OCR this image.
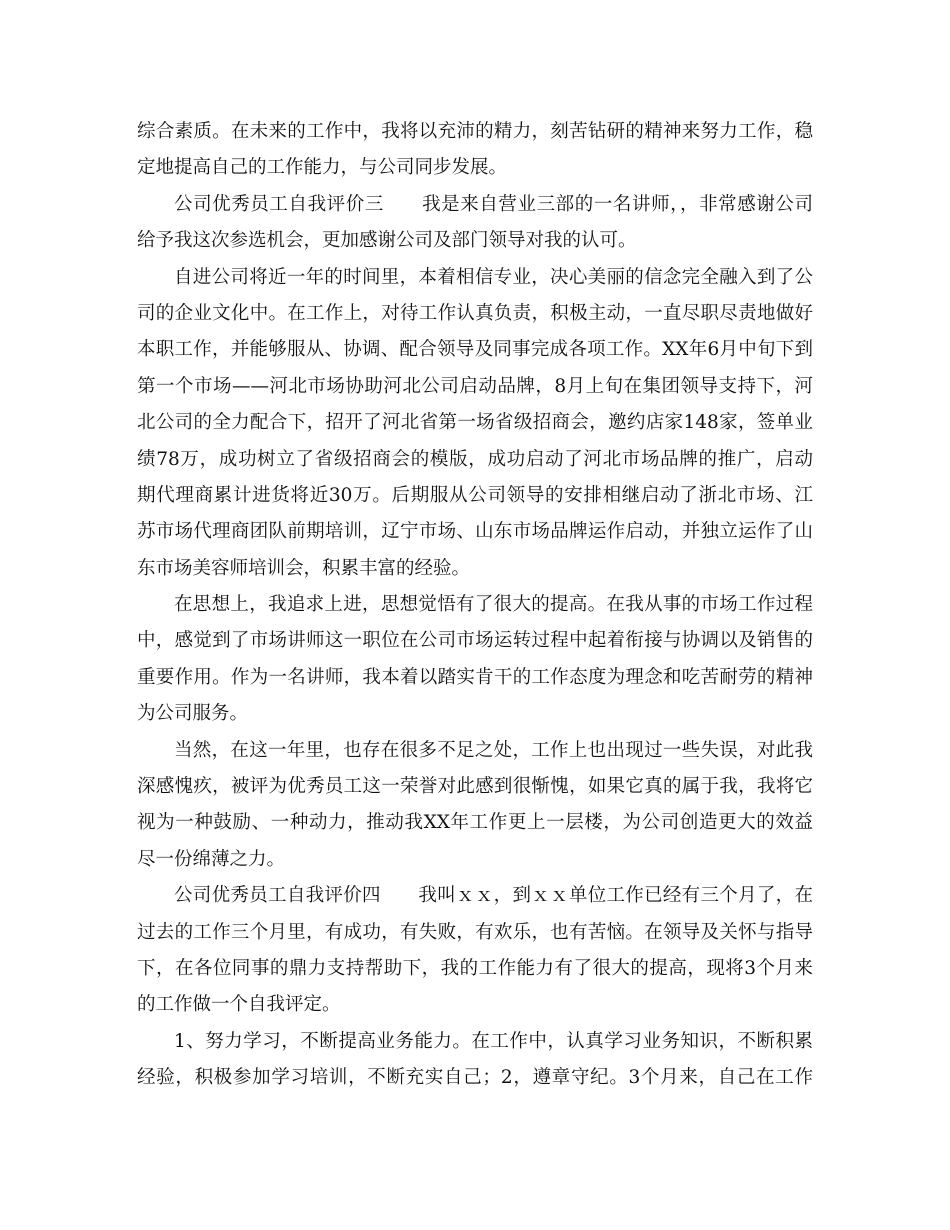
综合素质。在未来的工作中，我将以充沛的精力，刻苦钻研的精神来努力工作，稳
定地提高自己的工作能力，与公司同步发展。
公司优秀员工自我评价三　　我是来自营业三部的一名讲师，，非常感谢公司
给予我这次参选机会，更加感谢公司及部门领导对我的认可。
自进公司将近一年的时间里，本着相信专业，决心美丽的信念完全融入到了公
司的企业文化中。在工作上，对待工作认真负责，积极主动，一直尽职尽责地做好
本职工作，并能够服从、协调、配合领导及同事完成各项工作。XX年6月中旬下到
第一个市场——河北市场协助河北公司启动品牌，8月上旬在集团领导支持下，河
北公司的全力配合下，招开了河北省第一场省级招商会，邀约店家148家，签单业
绩78万，成功树立了省级招商会的模版，成功启动了河北市场品牌的推广，启动
期代理商累计进货将近30万。后期服从公司领导的安排相继启动了浙北市场、江
苏市场代理商团队前期培训，辽宁市场、山东市场品牌运作启动，并独立运作了山
东市场美容师培训会，积累丰富的经验。
在思想上，我追求上进，思想觉悟有了很大的提高。在我从事的市场工作过程
中，感觉到了市场讲师这一职位在公司市场运转过程中起着衔接与协调以及销售的
重要作用。作为一名讲师，我本着以踏实肯干的工作态度为理念和吃苦耐劳的精神
为公司服务。
当然，在这一年里，也存在很多不足之处，工作上也出现过一些失误，对此我
深感愧疚，被评为优秀员工这一荣誉对此感到很惭愧，如果它真的属于我，我将它
视为一种鼓励、一种动力，推动我XX年工作更上一层楼，为公司创造更大的效益
尽一份绵薄之力。
公司优秀员工自我评价四　　我叫ｘｘ，到ｘｘ单位工作已经有三个月了，在
过去的工作三个月里，有成功，有失败，有欢乐，也有苦恼。在领导及关怀与指导
下，在各位同事的鼎力支持帮助下，我的工作能力有了很大的提高，现将3个月来
的工作做一个自我评定。
1、努力学习，不断提高业务能力。在工作中，认真学习业务知识，不断积累
经验，积极参加学习培训，不断充实自己；2，遵章守纪。3个月来，自己在工作
